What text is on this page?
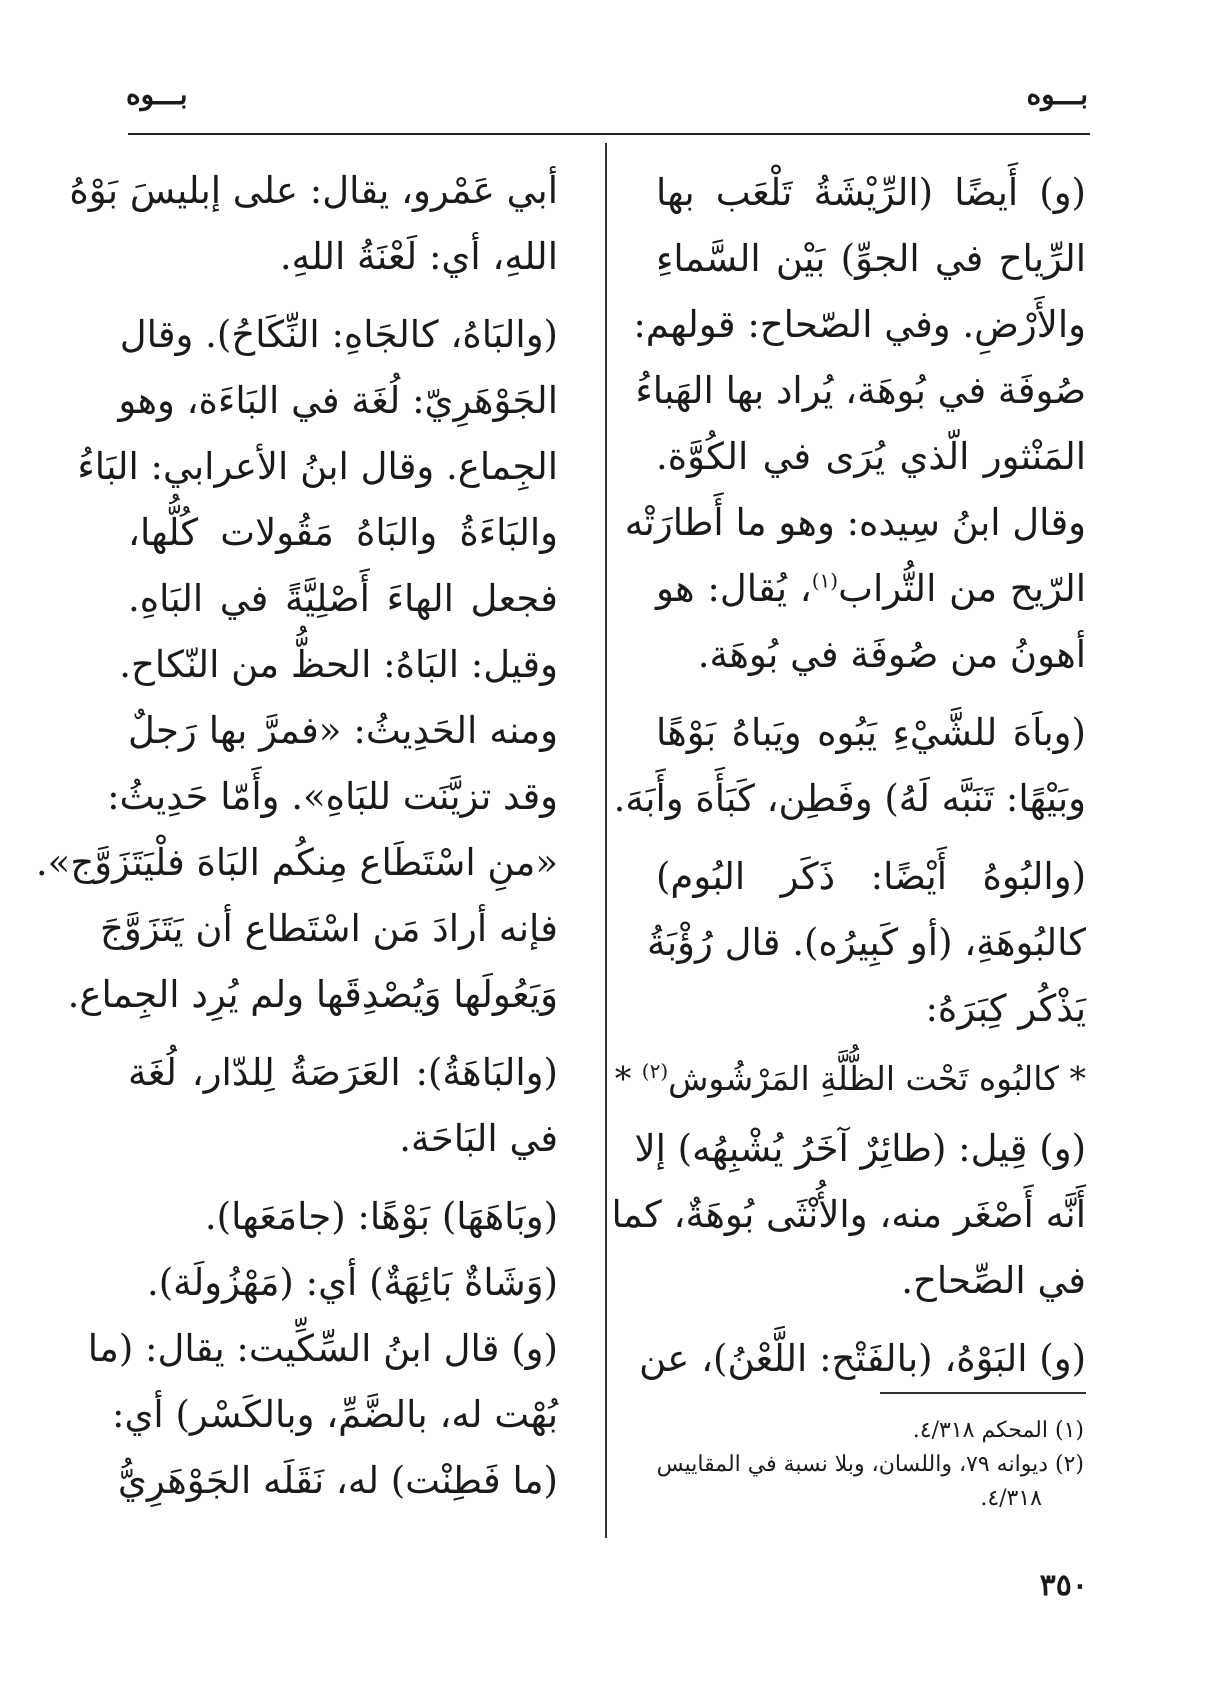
بـــوه
بـــوه
(و) أَيضًا (الرِّيْشَةُ تَلْعَب بها
الرِّياح في الجوِّ) بَيْن السَّماءِ
والأَرْضِ. وفي الصّحاح: قولهم:
صُوفَة في بُوهَة، يُراد بها الهَباءُ
المَنْثور الّذي يُرَى في الكُوَّة.
وقال ابنُ سِيده: وهو ما أَطارَتْه
الرّيح من التُّراب$^{(١)}$، يُقال: هو
أهونُ من صُوفَة في بُوهَة.
(وباَهَ للشَّيْءِ يَبُوه ويَباهُ بَوْهًا
وبَيْهًا: تَنَبَّه لَهُ) وفَطِن، كَبَأَهَ وأَبَهَ.
(والبُوهُ أَيْضًا: ذَكَر البُوم)
كالبُوهَةِ، (أو كَبِيرُه). قال رُؤْبَةُ
يَذْكُر كِبَرَهُ:
* كالبُوه تَحْت الظُّلَّةِ المَرْشُوش$^{(٢)}$ *
(و) قِيل: (طائِرٌ آخَرُ يُشْبِهُه) إلا
أَنَّه أَصْغَر منه، والأُنْثَى بُوهَةٌ، كما
في الصِّحاح.
(و) البَوْهُ، (بالفَتْح: اللَّعْنُ)، عن
أبي عَمْرو، يقال: على إبليسَ بَوْهُ
اللهِ، أي: لَعْنَةُ اللهِ.
(والبَاهُ، كالجَاهِ: النِّكَاحُ). وقال
الجَوْهَرِيّ: لُغَة في البَاءَة، وهو
الجِماع. وقال ابنُ الأعرابي: البَاءُ
والبَاءَةُ والبَاهُ مَقُولات كُلُّها،
فجعل الهاءَ أَصْلِيَّةً في البَاهِ.
وقيل: البَاهُ: الحظُّ من النّكاح.
ومنه الحَدِيثُ: «فمرَّ بها رَجلٌ
وقد تزيَّنَت للبَاهِ». وأَمّا حَدِيثُ:
«منِ اسْتَطَاع مِنكُم البَاهَ فلْيَتَزَوَّج».
فإنه أرادَ مَن اسْتَطاع أن يَتَزَوَّجَ
وَيَعُولَها وَيُصْدِقَها ولم يُرِد الجِماع.
(والبَاهَةُ): العَرَصَةُ لِلدّار، لُغَة
في البَاحَة.
(وبَاهَهَا) بَوْهًا: (جامَعَها).
(وَشَاةٌ بَائِهَةٌ) أي: (مَهْزُولَة).
(و) قال ابنُ السِّكِّيت: يقال: (ما
بُهْت له، بالضَّمِّ، وبالكَسْر) أي:
(ما فَطِنْت) له، نَقَلَه الجَوْهَرِيُّ
(١) المحكم ٤/٣١٨.
(٢) ديوانه ٧٩، واللسان، وبلا نسبة في المقاييس
٤/٣١٨.
٣٥٠
